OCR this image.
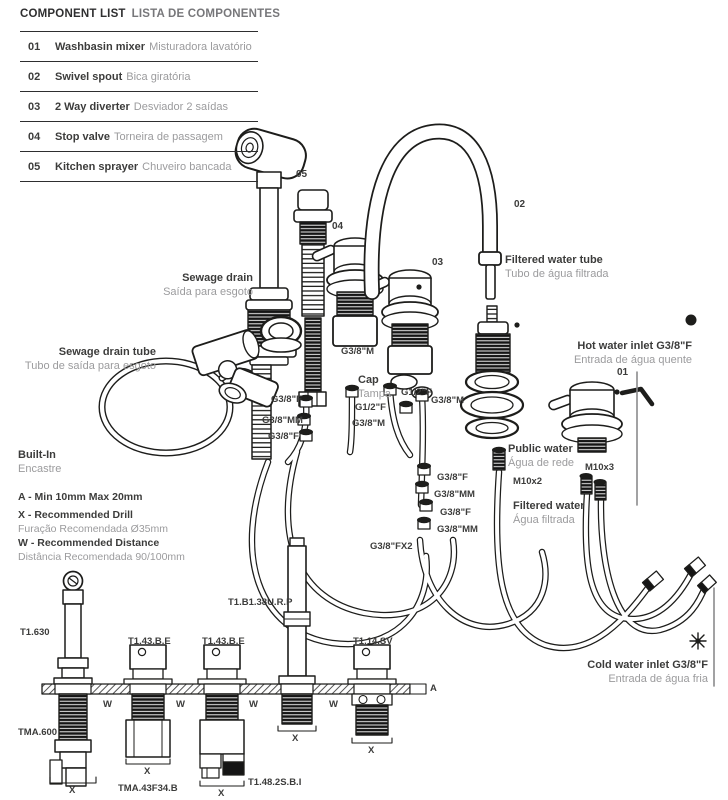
COMPONENT LIST LISTA DE COMPONENTES
01	Washbasin mixer Misturadora lavatório
02	Swivel spout Bica giratória
03	2 Way diverter Desviador 2 saídas
04	Stop valve Torneira de passagem
05	Kitchen sprayer Chuveiro bancada
05
04
02
03
01
Sewage drain
Saída para esgoto
Sewage drain tube
Tubo de saída para esgoto
Filtered water tube
Tubo de água filtrada
Hot water inlet G3/8"F
Entrada de água quente
Cold water inlet G3/8"F
Entrada de água fria
Public water
Água de rede
Filtered water
Água filtrada
Built-In
Encastre
Cap
Tampa
G3/8"M
G1/2"F
G3/8"M
G1/2"F
G3/8"M
G3/8"F
G3/8"MM
G3/8"F
G3/8"F
G3/8"MM
G3/8"F
G3/8"MM
G3/8"FX2
M10x2
M10x3
A - Min 10mm Max 20mm
X - Recommended Drill
Furação Recomendada Ø35mm
W - Recommended Distance
Distância Recomendada 90/100mm
T1.630
T1.43.B.E	T1.43.B.E
T1.B1.38U.R.P
T1.14.SV
TMA.600
TMA.43F34.B
T1.48.2S.B.I
W	W	W	W
X
X
X
X
X
A
